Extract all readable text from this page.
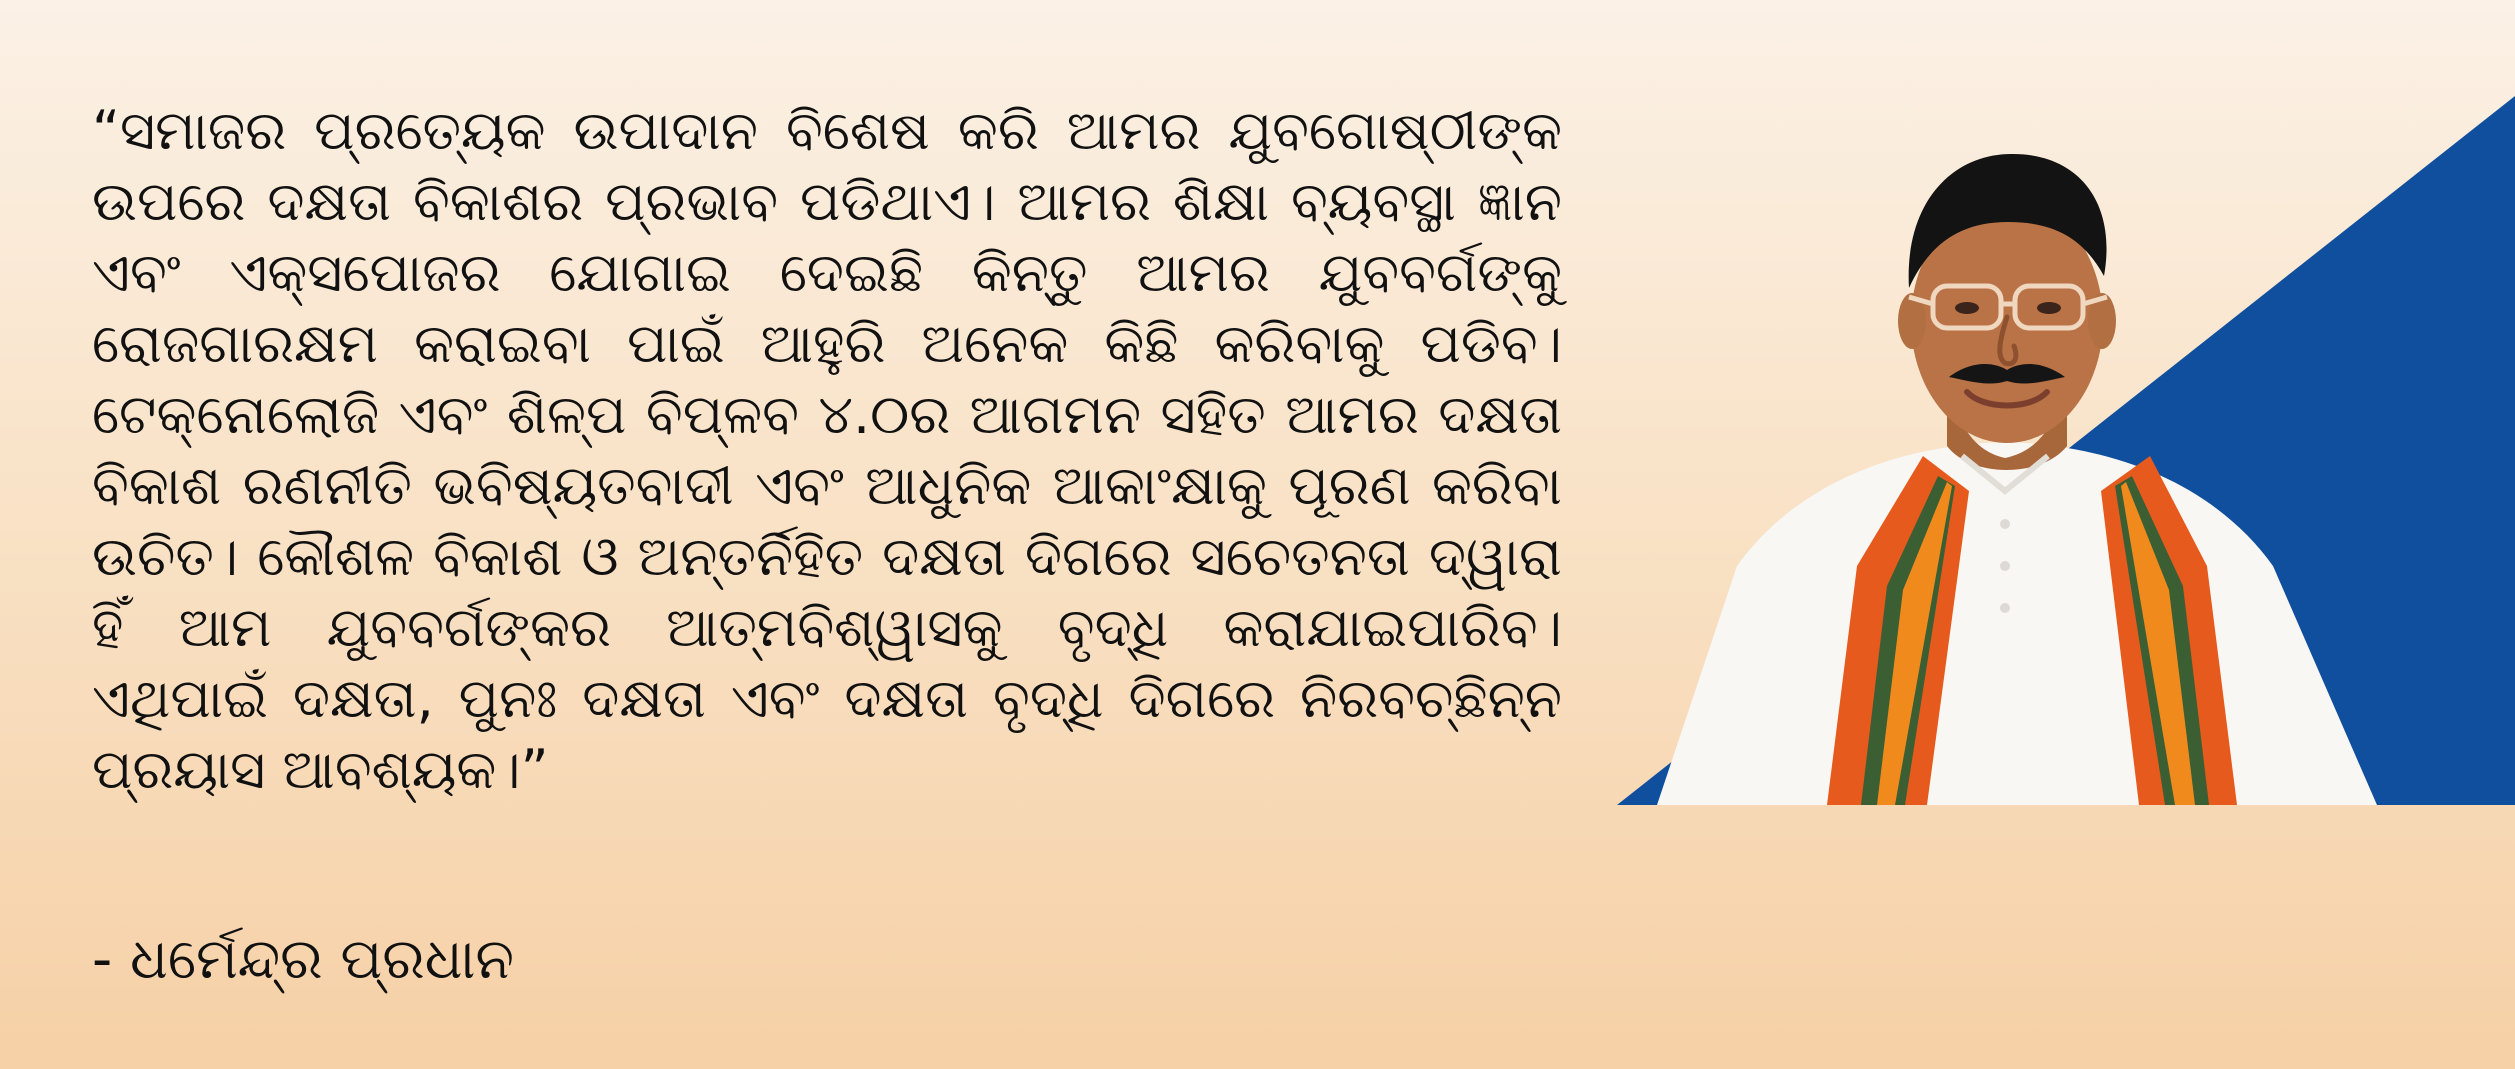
“ସମାଜର ପ୍ରତ୍ୟେକ ଉପାଦାନ ବିଶେଷ କରି ଆମର ଯୁବଗୋଷ୍ଠୀଙ୍କ ଉପରେ ଦକ୍ଷତା ବିକାଶର ପ୍ରଭାବ ପଡିଥାଏ। ଆମର ଶିକ୍ଷା ବ୍ୟବସ୍ଥା ଜ୍ଞାନ ଏବଂ ଏକ୍ସପୋଜର ଯୋଗାଇ ଦେଇଛି କିନ୍ତୁ ଆମର ଯୁବବର୍ଗଙ୍କୁ ରୋଜଗାରକ୍ଷମ କରାଇବା ପାଇଁ ଆହୁରି ଅନେକ କିଛି କରିବାକୁ ପଡିବ। ଟେକ୍ନୋଲୋଜି ଏବଂ ଶିଳ୍ପ ବିପ୍ଳବ ୪.୦ର ଆଗମନ ସହିତ ଆମର ଦକ୍ଷତା ବିକାଶ ରଣନୀତି ଭବିଷ୍ୟତବାଦୀ ଏବଂ ଆଧୁନିକ ଆକାଂକ୍ଷାକୁ ପୂରଣ କରିବା ଉଚିତ। କୌଶଳ ବିକାଶ ଓ ଅନ୍ତର୍ନିହିତ ଦକ୍ଷତା ଦିଗରେ ସଚେତନତା ଦ୍ୱାରା ହିଁ ଆମ ଯୁବବର୍ଗଙ୍କର ଆତ୍ମବିଶ୍ୱାସକୁ ବୃଦ୍ଧି କରାଯାଇପାରିବ। ଏଥିପାଇଁ ଦକ୍ଷତା, ପୁନଃ ଦକ୍ଷତା ଏବଂ ଦକ୍ଷତା ବୃଦ୍ଧି ଦିଗରେ ନିରବଚ୍ଛିନ୍ନ ପ୍ରୟାସ ଆବଶ୍ୟକ।”

- ଧର୍ମେନ୍ଦ୍ର ପ୍ରଧାନ
